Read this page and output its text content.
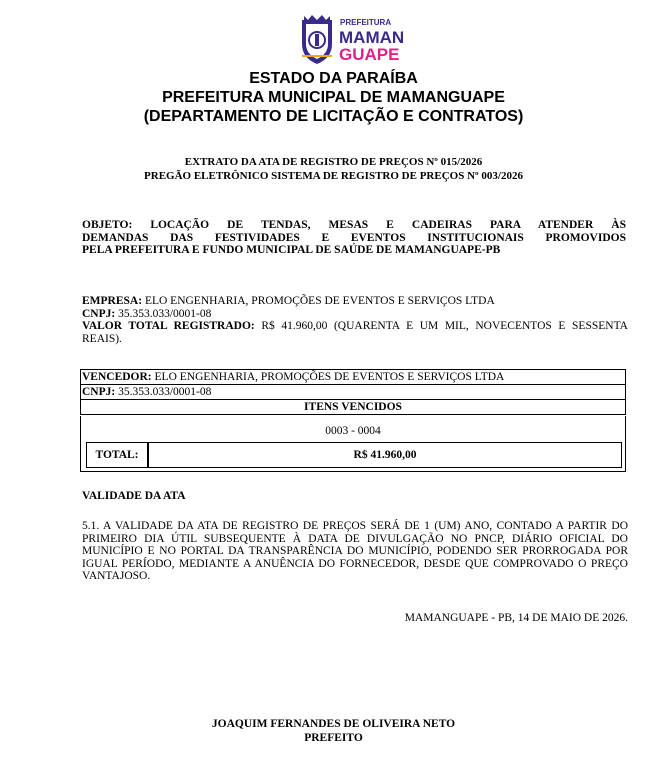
PREFEITURA
MAMAN
GUAPE
ESTADO DA PARAÍBA
PREFEITURA MUNICIPAL DE MAMANGUAPE
(DEPARTAMENTO DE LICITAÇÃO E CONTRATOS)
EXTRATO DA ATA DE REGISTRO DE PREÇOS Nº 015/2026
PREGÃO ELETRÔNICO SISTEMA DE REGISTRO DE PREÇOS Nº 003/2026
OBJETO: LOCAÇÃO DE TENDAS, MESAS E CADEIRAS PARA ATENDER ÀS
DEMANDAS DAS FESTIVIDADES E EVENTOS INSTITUCIONAIS PROMOVIDOS
PELA PREFEITURA E FUNDO MUNICIPAL DE SAÚDE DE MAMANGUAPE-PB
EMPRESA: ELO ENGENHARIA, PROMOÇÕES DE EVENTOS E SERVIÇOS LTDA
CNPJ: 35.353.033/0001-08
VALOR TOTAL REGISTRADO: R$ 41.960,00 (QUARENTA E UM MIL, NOVECENTOS E SESSENTA REAIS).
VENCEDOR: ELO ENGENHARIA, PROMOÇÕES DE EVENTOS E SERVIÇOS LTDA
CNPJ: 35.353.033/0001-08
ITENS VENCIDOS
0003 - 0004
TOTAL:	R$ 41.960,00
VALIDADE DA ATA
5.1. A VALIDADE DA ATA DE REGISTRO DE PREÇOS SERÁ DE 1 (UM) ANO, CONTADO A PARTIR DO PRIMEIRO DIA ÚTIL SUBSEQUENTE À DATA DE DIVULGAÇÃO NO PNCP, DIÁRIO OFICIAL DO MUNICÍPIO E NO PORTAL DA TRANSPARÊNCIA DO MUNICÍPIO, PODENDO SER PRORROGADA POR IGUAL PERÍODO, MEDIANTE A ANUÊNCIA DO FORNECEDOR, DESDE QUE COMPROVADO O PREÇO VANTAJOSO.
MAMANGUAPE - PB, 14 DE MAIO DE 2026.
JOAQUIM FERNANDES DE OLIVEIRA NETO
PREFEITO
